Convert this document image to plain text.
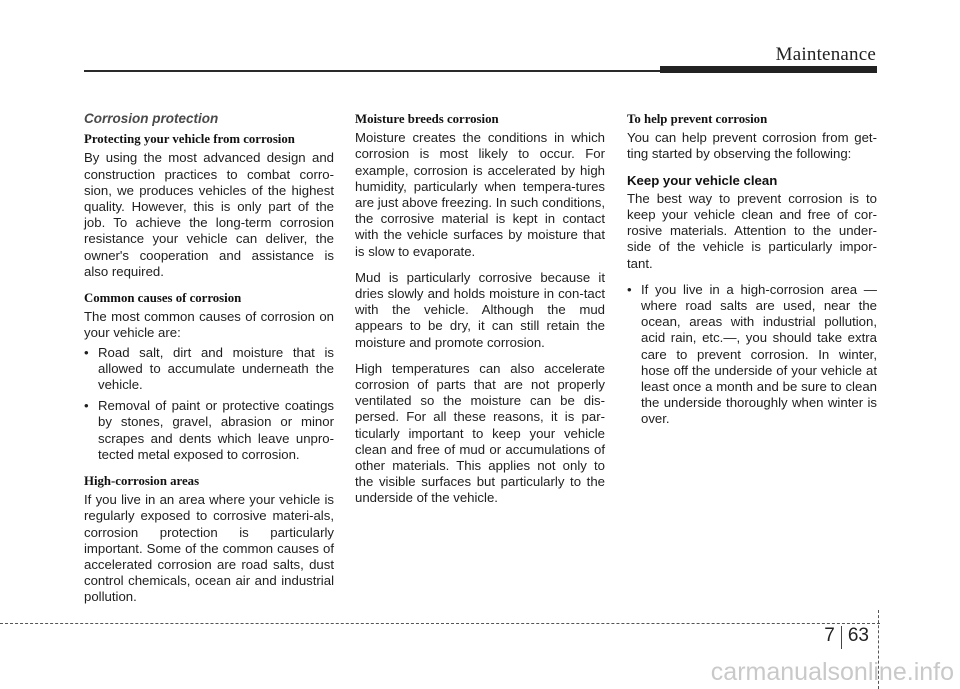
Maintenance
Corrosion protection
Protecting your vehicle from corrosion

By using the most advanced design and construction practices to combat corro-sion, we produces vehicles of the highest quality. However, this is only part of the job. To achieve the long-term corrosion resistance your vehicle can deliver, the owner's cooperation and assistance is also required.

Common causes of corrosion

The most common causes of corrosion on your vehicle are:

• Road salt, dirt and moisture that is allowed to accumulate underneath the vehicle.
• Removal of paint or protective coatings by stones, gravel, abrasion or minor scrapes and dents which leave unpro-tected metal exposed to corrosion.
High-corrosion areas

If you live in an area where your vehicle is regularly exposed to corrosive materi-als, corrosion protection is particularly important. Some of the common causes of accelerated corrosion are road salts, dust control chemicals, ocean air and industrial pollution.

Moisture breeds corrosion

Moisture creates the conditions in which corrosion is most likely to occur. For example, corrosion is accelerated by high humidity, particularly when tempera-tures are just above freezing. In such conditions, the corrosive material is kept in contact with the vehicle surfaces by moisture that is slow to evaporate.

Mud is particularly corrosive because it dries slowly and holds moisture in con-tact with the vehicle. Although the mud appears to be dry, it can still retain the moisture and promote corrosion.

High temperatures can also accelerate corrosion of parts that are not properly ventilated so the moisture can be dis-persed. For all these reasons, it is par-ticularly important to keep your vehicle clean and free of mud or accumulations of other materials. This applies not only to the visible surfaces but particularly to the underside of the vehicle.

To help prevent corrosion

You can help prevent corrosion from get-ting started by observing the following:

Keep your vehicle clean

The best way to prevent corrosion is to keep your vehicle clean and free of cor-rosive materials. Attention to the under-side of the vehicle is particularly impor-tant.

• If you live in a high-corrosion area — where road salts are used, near the ocean, areas with industrial pollution, acid rain, etc.—, you should take extra care to prevent corrosion. In winter, hose off the underside of your vehicle at least once a month and be sure to clean the underside thoroughly when winter is over.
7 63
carmanualsonline.info
